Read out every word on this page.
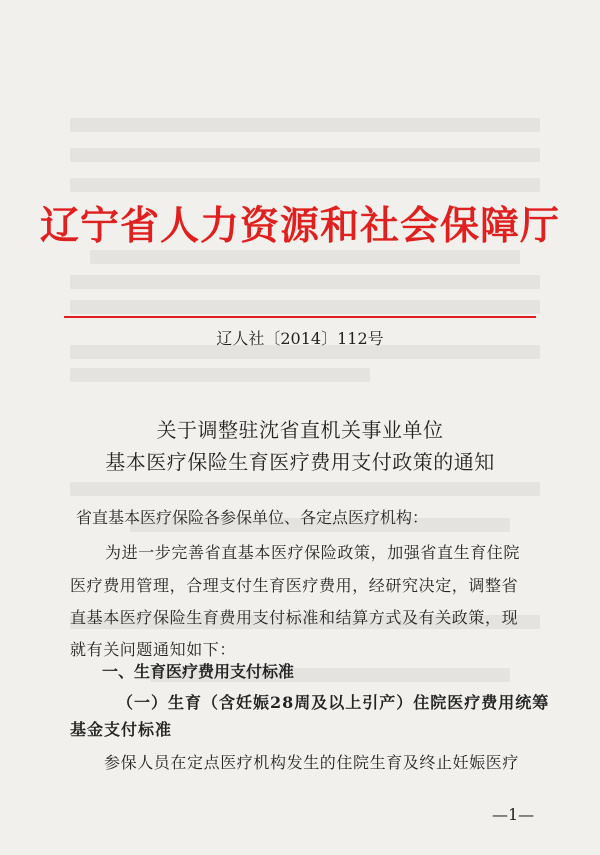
辽宁省人力资源和社会保障厅
辽人社〔2014〕112号
关于调整驻沈省直机关事业单位
基本医疗保险生育医疗费用支付政策的通知
省直基本医疗保险各参保单位、各定点医疗机构：
为进一步完善省直基本医疗保险政策，加强省直生育住院
医疗费用管理，合理支付生育医疗费用，经研究决定，调整省
直基本医疗保险生育费用支付标准和结算方式及有关政策，现
就有关问题通知如下：
一、生育医疗费用支付标准
（一）生育（含妊娠28周及以上引产）住院医疗费用统筹
基金支付标准
参保人员在定点医疗机构发生的住院生育及终止妊娠医疗
—1—
